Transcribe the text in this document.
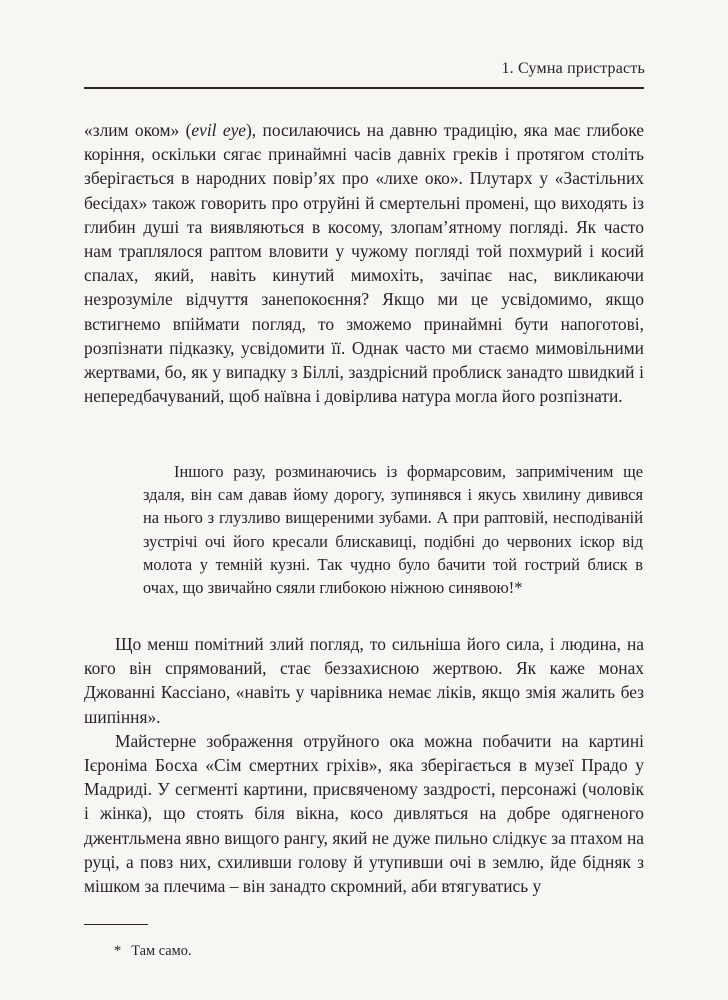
1. Сумна пристрасть

«злим оком» (evil eye), посилаючись на давню традицію, яка має глибоке коріння, оскільки сягає принаймні часів давніх греків і протягом століть зберігається в народних повір’ях про «лихе око». Плутарх у «Застільних бесідах» також говорить про отруйні й смертельні промені, що виходять із глибин душі та виявляються в косому, злопам’ятному погляді. Як часто нам траплялося раптом вловити у чужому погляді той похмурий і косий спалах, який, навіть кинутий мимохіть, зачіпає нас, викликаючи незрозуміле відчуття занепокоєння? Якщо ми це усвідомимо, якщо встигнемо впіймати погляд, то зможемо принаймні бути напоготові, розпізнати підказку, усвідомити її. Однак часто ми стаємо мимовільними жертвами, бо, як у випадку з Біллі, заздрісний проблиск занадто швидкий і непередбачуваний, щоб наївна і довірлива натура могла його розпізнати.

Іншого разу, розминаючись із формарсовим, заприміченим ще здаля, він сам давав йому дорогу, зупинявся і якусь хвилину дивився на нього з глузливо вищереними зубами. А при раптовій, несподіваній зустрічі очі його кресали блискавиці, подібні до червоних іскор від молота у темній кузні. Так чудно було бачити той гострий блиск в очах, що звичайно сяяли глибокою ніжною синявою!*

Що менш помітний злий погляд, то сильніша його сила, і людина, на кого він спрямований, стає беззахисною жертвою. Як каже монах Джованні Кассіано, «навіть у чарівника немає ліків, якщо змія жалить без шипіння».

Майстерне зображення отруйного ока можна побачити на картині Ієроніма Босха «Сім смертних гріхів», яка зберігається в музеї Прадо у Мадриді. У сегменті картини, присвяченому заздрості, персонажі (чоловік і жінка), що стоять біля вікна, косо дивляться на добре одягненого джентльмена явно вищого рангу, який не дуже пильно слідкує за птахом на руці, а повз них, схиливши голову й утупивши очі в землю, йде бідняк з мішком за плечима – він занадто скромний, аби втягуватись у

* Там само.
